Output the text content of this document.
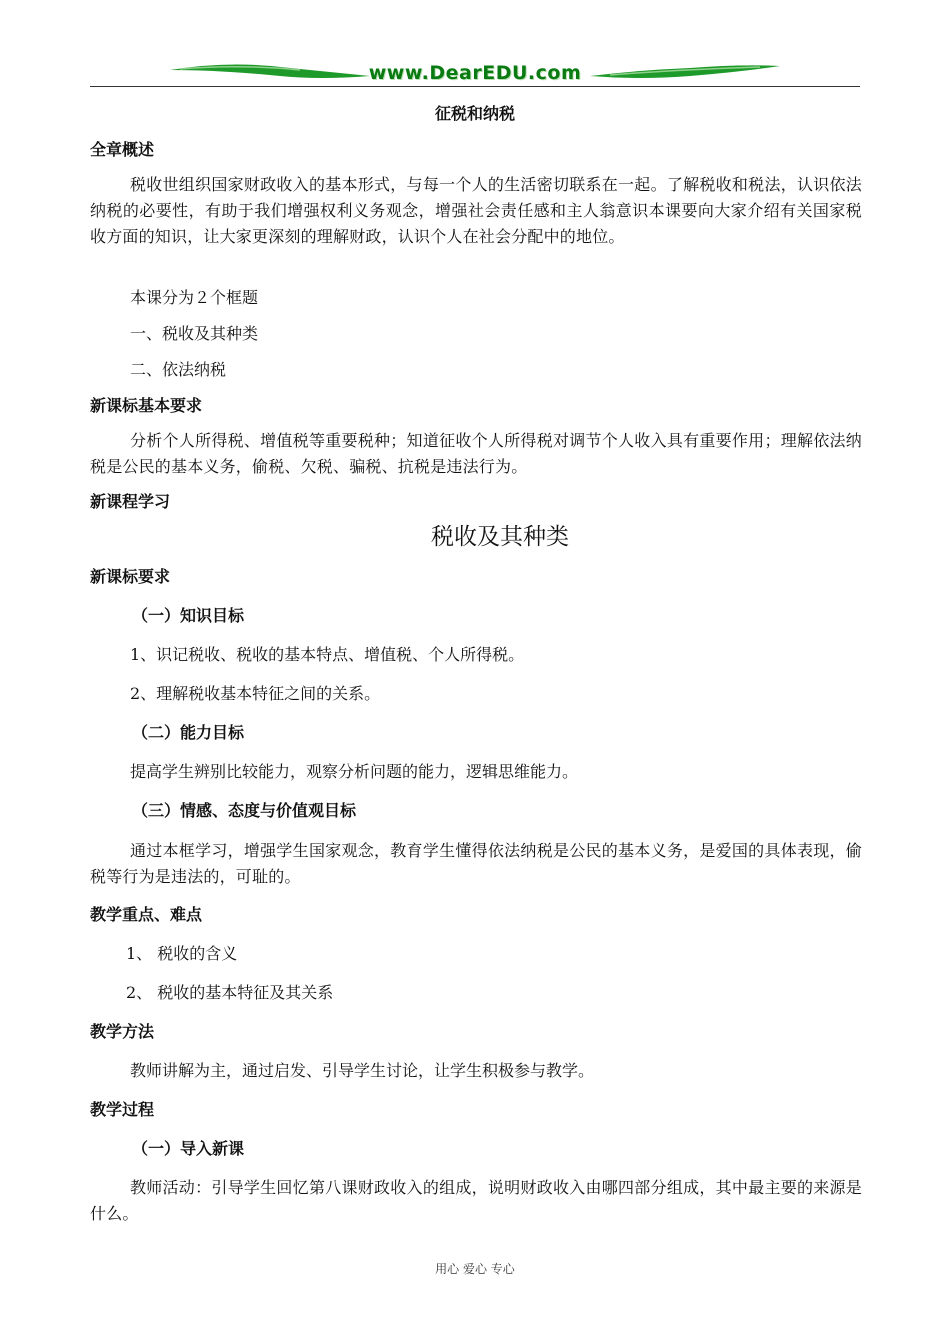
www.DearEDU.com
征税和纳税
全章概述

税收世组织国家财政收入的基本形式，与每一个人的生活密切联系在一起。了解税收和税法，认识依法纳税的必要性，有助于我们增强权利义务观念，增强社会责任感和主人翁意识本课要向大家介绍有关国家税收方面的知识，让大家更深刻的理解财政，认识个人在社会分配中的地位。

本课分为２个框题
一、税收及其种类
二、依法纳税
新课标基本要求

分析个人所得税、增值税等重要税种；知道征收个人所得税对调节个人收入具有重要作用；理解依法纳税是公民的基本义务，偷税、欠税、骗税、抗税是违法行为。

新课程学习
税收及其种类
新课标要求
（一）知识目标
1、识记税收、税收的基本特点、增值税、个人所得税。
2、理解税收基本特征之间的关系。
（二）能力目标
提高学生辨别比较能力，观察分析问题的能力，逻辑思维能力。
（三）情感、态度与价值观目标

通过本框学习，增强学生国家观念，教育学生懂得依法纳税是公民的基本义务，是爱国的具体表现，偷税等行为是违法的，可耻的。

教学重点、难点
1、 税收的含义
2、 税收的基本特征及其关系
教学方法
教师讲解为主，通过启发、引导学生讨论，让学生积极参与教学。
教学过程
（一）导入新课

教师活动：引导学生回忆第八课财政收入的组成，说明财政收入由哪四部分组成，其中最主要的来源是什么。

用心 爱心 专心
